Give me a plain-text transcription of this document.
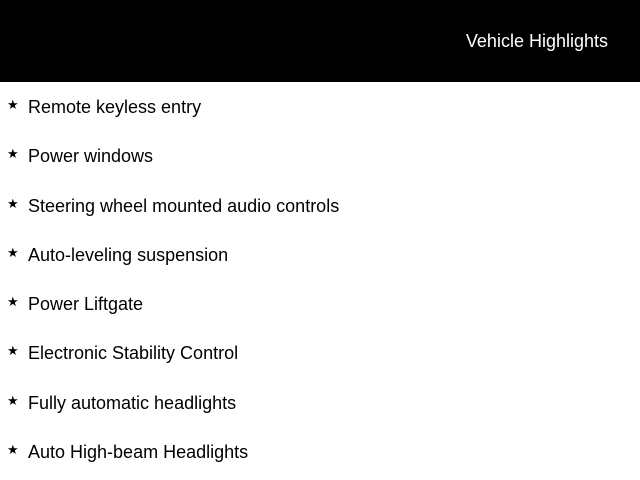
Vehicle Highlights
★ Remote keyless entry
★ Power windows
★ Steering wheel mounted audio controls
★ Auto-leveling suspension
★ Power Liftgate
★ Electronic Stability Control
★ Fully automatic headlights
★ Auto High-beam Headlights
